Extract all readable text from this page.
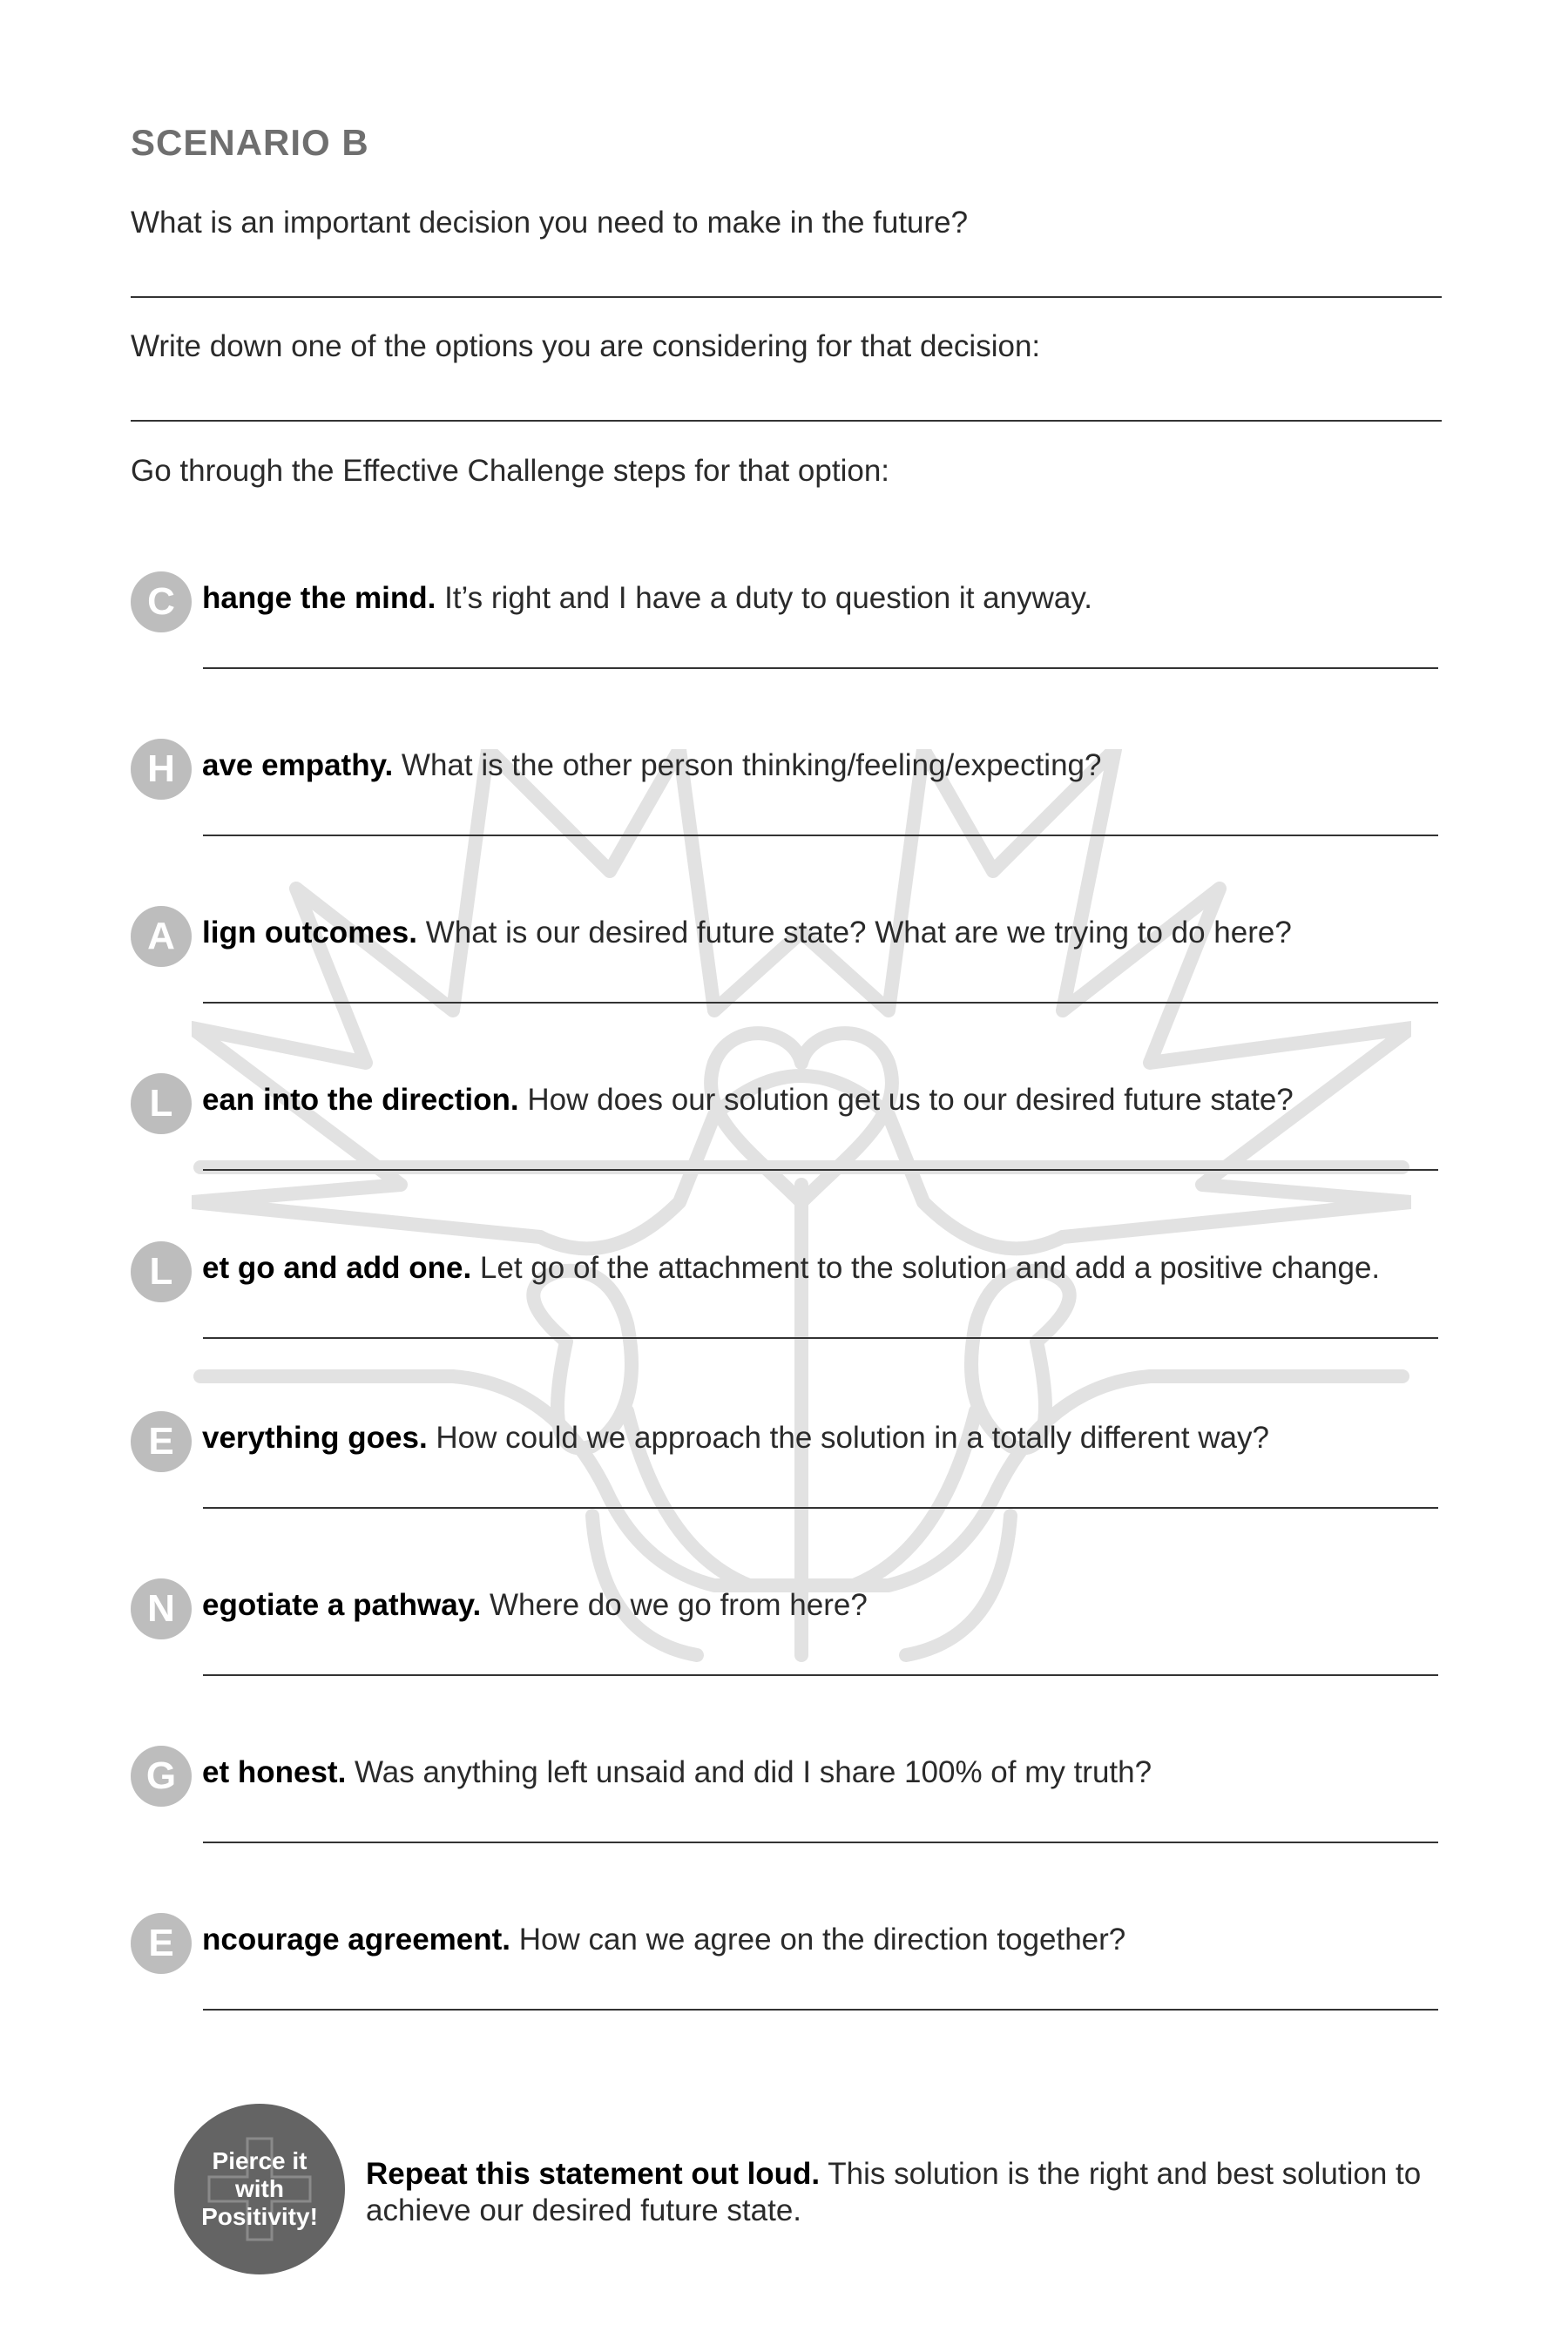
SCENARIO B
What is an important decision you need to make in the future?
Write down one of the options you are considering for that decision:
Go through the Effective Challenge steps for that option:
C hange the mind. It’s right and I have a duty to question it anyway.
H ave empathy. What is the other person thinking/feeling/expecting?
A lign outcomes. What is our desired future state? What are we trying to do here?
L ean into the direction. How does our solution get us to our desired future state?
L et go and add one. Let go of the attachment to the solution and add a positive change.
E verything goes. How could we approach the solution in a totally different way?
N egotiate a pathway. Where do we go from here?
G et honest. Was anything left unsaid and did I share 100% of my truth?
E ncourage agreement. How can we agree on the direction together?
Pierce it
with
Positivity!
Repeat this statement out loud. This solution is the right and best solution to achieve our desired future state.
